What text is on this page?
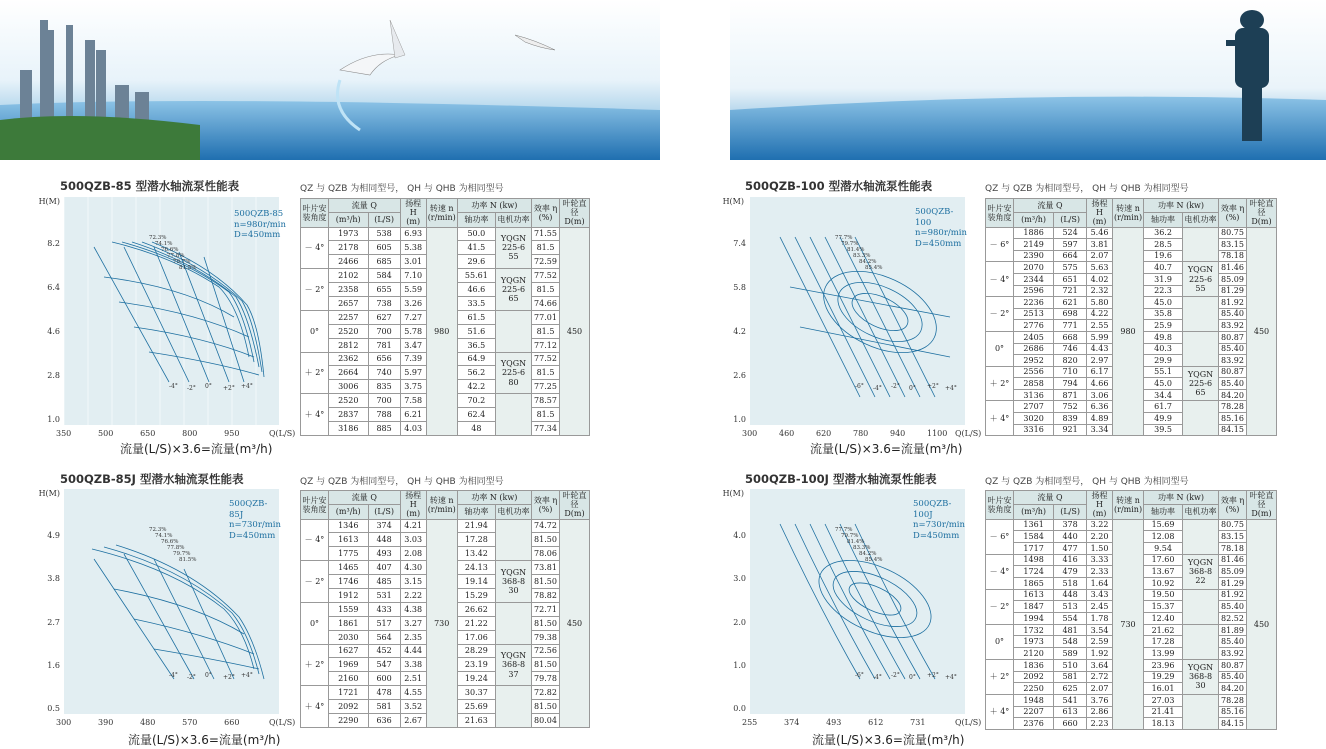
500QZB-85 型潜水轴流泵性能表	QZ 与 QZB 为相同型号， QH 与 QHB 为相同型号
H(M)
500QZB-85
n=980r/min
D=450mm
流量(L/S)×3.6=流量(m³/h)
叶片安装角度	流量 Q		扬程 H (m)	转速 n (r/min)	功率 N (kw)		效率 η (%)	叶轮直径 D(m)
	(m³/h)	(L/S)			轴功率	电机功率		
－ 4°	1973	538	6.93	980	50.0	YQGN 225-6 55	71.55	450
	2178	605	5.38		41.5		81.5	
	2466	685	3.01		29.6		72.59	
－ 2°	2102	584	7.10		55.61	YQGN 225-6 65	77.52	
	2358	655	5.59		46.6		81.5	
	2657	738	3.26		33.5		74.66	
0°	2257	627	7.27		61.5		77.01	
	2520	700	5.78		51.6		81.5	
	2812	781	3.47		36.5		77.12	
＋ 2°	2362	656	7.39		64.9	YQGN 225-6 80	77.52	
	2664	740	5.97		56.2		81.5	
	3006	835	3.75		42.2		77.25	
＋ 4°	2520	700	7.58		70.2		78.57	
	2837	788	6.21		62.4		81.5	
	3186	885	4.03		48		77.34	
500QZB-100 型潜水轴流泵性能表	QZ 与 QZB 为相同型号， QH 与 QHB 为相同型号
H(M)
500QZB-100
n=980r/min
D=450mm
流量(L/S)×3.6=流量(m³/h)
叶片安装角度	流量 Q		扬程 H (m)	转速 n (r/min)	功率 N (kw)		效率 η (%)	叶轮直径 D(m)
	(m³/h)	(L/S)			轴功率	电机功率		
－ 6°	1886	524	5.46	980	36.2		80.75	450
	2149	597	3.81		28.5		83.15	
	2390	664	2.07		19.6		78.18	
－ 4°	2070	575	5.63		40.7	YQGN 225-6 55	81.46	
	2344	651	4.02		31.9		85.09	
	2596	721	2.32		22.3		81.29	
－ 2°	2236	621	5.80		45.0		81.92	
	2513	698	4.22		35.8		85.40	
	2776	771	2.55		25.9		83.92	
0°	2405	668	5.99		49.8		80.87	
	2686	746	4.43		40.3		85.40	
	2952	820	2.97		29.9		83.92	
＋ 2°	2556	710	6.17		55.1	YQGN 225-6 65	80.87	
	2858	794	4.66		45.0		85.40	
	3136	871	3.06		34.4		84.20	
＋ 4°	2707	752	6.36		61.7		78.28	
	3020	839	4.89		49.9		85.16	
	3316	921	3.34		39.5		84.15	
500QZB-85J 型潜水轴流泵性能表	QZ 与 QZB 为相同型号， QH 与 QHB 为相同型号
H(M)
500QZB-85J
n=730r/min
D=450mm
流量(L/S)×3.6=流量(m³/h)
叶片安装角度	流量 Q		扬程 H (m)	转速 n (r/min)	功率 N (kw)		效率 η (%)	叶轮直径 D(m)
	(m³/h)	(L/S)			轴功率	电机功率		
－ 4°	1346	374	4.21	730	21.94		74.72	450
	1613	448	3.03		17.28		81.50	
	1775	493	2.08		13.42		78.06	
－ 2°	1465	407	4.30		24.13	YQGN 368-8 30	73.81	
	1746	485	3.15		19.14		81.50	
	1912	531	2.22		15.29		78.82	
0°	1559	433	4.38		26.62		72.71	
	1861	517	3.27		21.22		81.50	
	2030	564	2.35		17.06		79.38	
＋ 2°	1627	452	4.44		28.29	YQGN 368-8 37	72.56	
	1969	547	3.38		23.19		81.50	
	2160	600	2.51		19.24		79.78	
＋ 4°	1721	478	4.55		30.37		72.82	
	2092	581	3.52		25.69		81.50	
	2290	636	2.67		21.63		80.04	
500QZB-100J 型潜水轴流泵性能表	QZ 与 QZB 为相同型号， QH 与 QHB 为相同型号
H(M)
500QZB-100J
n=730r/min
D=450mm
流量(L/S)×3.6=流量(m³/h)
叶片安装角度	流量 Q		扬程 H (m)	转速 n (r/min)	功率 N (kw)		效率 η (%)	叶轮直径 D(m)
	(m³/h)	(L/S)			轴功率	电机功率		
－ 6°	1361	378	3.22	730	15.69		80.75	450
	1584	440	2.20		12.08		83.15	
	1717	477	1.50		9.54		78.18	
－ 4°	1498	416	3.33		17.60	YQGN 368-8 22	81.46	
	1724	479	2.33		13.67		85.09	
	1865	518	1.64		10.92		81.29	
－ 2°	1613	448	3.43		19.50		81.92	
	1847	513	2.45		15.37		85.40	
	1994	554	1.78		12.40		82.52	
0°	1732	481	3.54		21.62		81.89	
	1973	548	2.59		17.28		85.40	
	2120	589	1.92		13.99		83.92	
＋ 2°	1836	510	3.64		23.96	YQGN 368-8 30	80.87	
	2092	581	2.72		19.29		85.40	
	2250	625	2.07		16.01		84.20	
＋ 4°	1948	541	3.76		27.03		78.28	
	2207	613	2.86		21.41		85.16	
	2376	660	2.23		18.13		84.15	
8.2
6.4
4.6
2.8
1.0
350	500	650	800	950	Q(L/S)
-4° -2° 0° +2° +4°
72.3%
74.1%
76.6%
77.8%
79.7%
81.5%
7.4
5.8
4.2
2.6
1.0
300	460	620	780	940	1100 Q(L/S)
-6° -4° -2° 0° +2° +4°
77.7%
79.7%
81.4%
83.3%
84.2%
85.4%
4.9
3.8
2.7
1.6
0.5
300	390	480	570	660	Q(L/S)
-4° -2° 0° +2° +4°
72.3%
74.1%
76.6%
77.8%
79.7%
81.5%
4.0
3.0
2.0
1.0
0.0
255	374	493	612	731	Q(L/S)
-6° -4° -2° 0° +2° +4°
77.7%
79.7%
81.4%
83.3%
84.2%
85.4%
